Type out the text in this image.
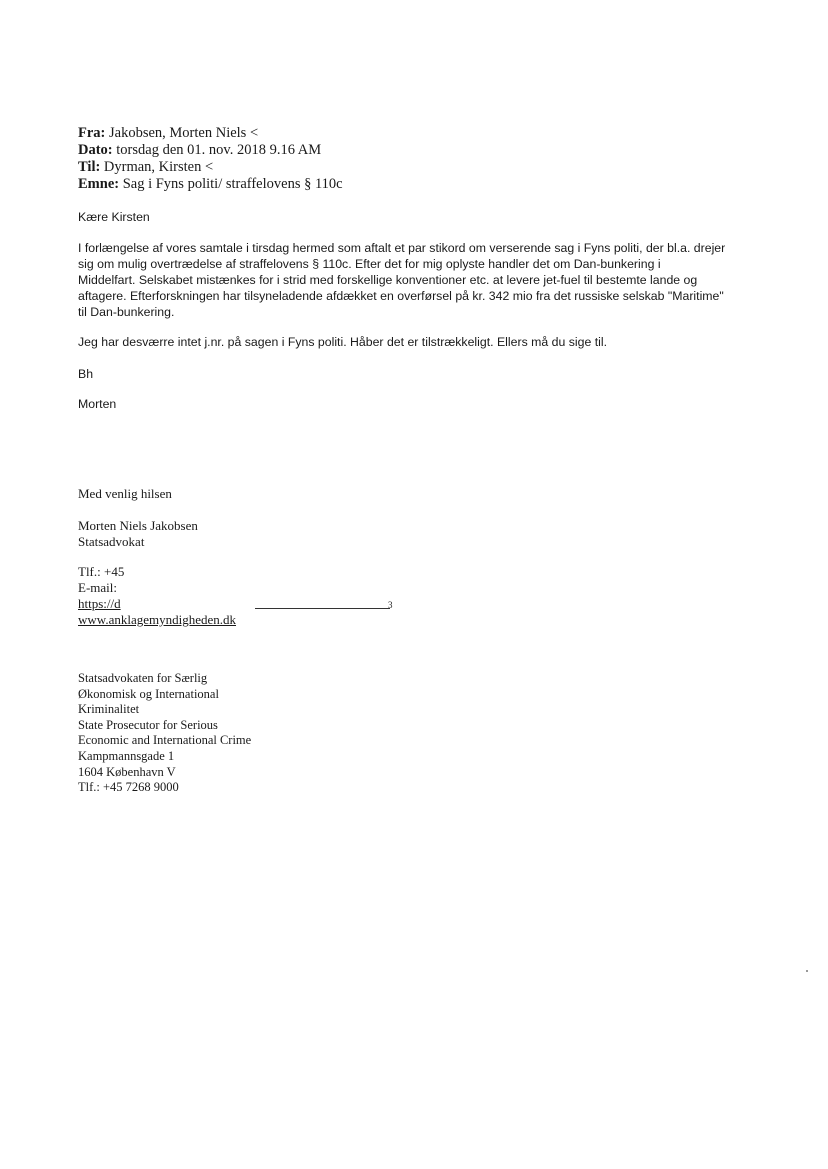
Fra: Jakobsen, Morten Niels <
Dato: torsdag den 01. nov. 2018 9.16 AM
Til: Dyrman, Kirsten <
Emne: Sag i Fyns politi/ straffelovens § 110c
Kære Kirsten
I forlængelse af vores samtale i tirsdag hermed som aftalt et par stikord om verserende sag i Fyns politi, der bl.a. drejer
sig om mulig overtrædelse af straffelovens § 110c. Efter det for mig oplyste handler det om Dan-bunkering i
Middelfart. Selskabet mistænkes for i strid med forskellige konventioner etc. at levere jet-fuel til bestemte lande og
aftagere. Efterforskningen har tilsyneladende afdækket en overførsel på kr. 342 mio fra det russiske selskab "Maritime"
til Dan-bunkering.
Jeg har desværre intet j.nr. på sagen i Fyns politi. Håber det er tilstrækkeligt. Ellers må du sige til.
Bh
Morten
Med venlig hilsen
Morten Niels Jakobsen
Statsadvokat
Tlf.: +45
E-mail:
https://d
www.anklagemyndigheden.dk
3
Statsadvokaten for Særlig
Økonomisk og International
Kriminalitet
State Prosecutor for Serious
Economic and International Crime
Kampmannsgade 1
1604 København V
Tlf.: +45 7268 9000
